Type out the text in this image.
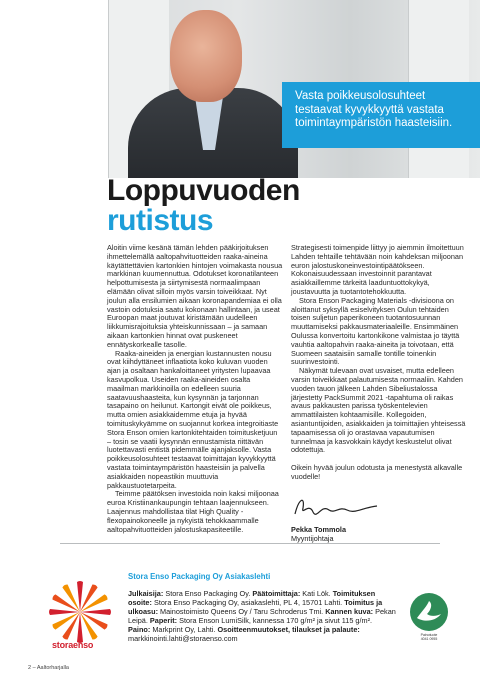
Vasta poikkeusolosuhteet testaavat kyvykkyyttä vastata toimintaympäristön haasteisiin.
Loppuvuoden
rutistus

Aloitin viime kesänä tämän lehden pääkirjoituksen ihmettelemällä aaltopahvituotteiden raaka-aineina käytättettävien kartonkien hintojen voimakasta nousua markkinan kuumennuttua. Odotukset koronatilanteen helpottumisesta ja siirtymisestä normaalimpaan elämään olivat silloin myös varsin toiveikkaat. Nyt joulun alla ensilumien aikaan koronapandemiaa ei olla vastoin odotuksia saatu kokonaan hallintaan, ja useat Euroopan maat joutuvat kiristämään uudelleen liikkumisrajoituksia yhteiskunnissaan – ja samaan aikaan kartonkien hinnat ovat puskeneet ennätyskorkealle tasolle.

Raaka-aineiden ja energian kustannusten nousu ovat kiihdyttäneet inflaatiota koko kuluvan vuoden ajan ja osaltaan hankaloittaneet yritysten lupaavaa kasvupolkua. Useiden raaka-aineiden osalta maailman markkinoilla on edelleen suuria saatavuushaasteita, kun kysynnän ja tarjonnan tasapaino on heilunut. Kartongit eivät ole poikkeus, mutta omien asiakkaidemme etuja ja hyvää toimituskykyämme on suojannut korkea integroitiaste Stora Enson omien kartonkitehtaiden toimitusketjuun – tosin se vaatii kysynnän ennustamista riittävän luotettavasti entistä pidemmälle ajanjaksolle. Vasta poikkeusolosuhteet testaavat toimittajan kyvykkyyttä vastata toimintaympäristön haasteisiin ja palvella asiakkaiden nopeastikin muuttuvia pakkaustuotetarpeita.

Teimme päätöksen investoida noin kaksi miljoonaa euroa Kristiinankaupungin tehtaan laajennukseen. Laajennus mahdollistaa tilat High Quality -flexopainokoneelle ja nykyistä tehokkaammalle aaltopahvituotteiden jalostuskapasiteetille.

Strategisesti toimenpide liittyy jo aiemmin ilmoitettuun Lahden tehtaille tehtävään noin kahdeksan miljoonan euron jalostuskoneinvestointipäätökseen. Kokonaisuudessaan investoinnit parantavat asiakkaillemme tärkeitä laaduntuottokykyä, joustavuutta ja tuotantotehokkuutta.

Stora Enson Packaging Materials -divisioona on aloittanut syksyllä esiselvityksen Oulun tehtaiden toisen suljetun paperikoneen tuotantosuunnan muuttamiseksi pakkausmateriaaleille. Ensimmäinen Oulussa konvertoitu kartonkikone valmistaa jo täyttä vauhtia aaltopahvin raaka-aineita ja toivotaan, että Suomeen saataisiin samalle tontille toinenkin suurinvestointi.

Näkymät tulevaan ovat usvaiset, mutta edelleen varsin toiveikkaat palautumisesta normaaliin. Kahden vuoden tauon jälkeen Lahden Sibeliustalossa järjestetty PackSummit 2021 -tapahtuma oli raikas avaus pakkausten parissa työskentelevien ammattilaisten kohtaamisille. Kollegoiden, asiantuntijoiden, asiakkaiden ja toimittajien yhteisessä tapaamisessa oli jo orastavaa vapautumisen tunnelmaa ja kasvokkain käydyt keskustelut olivat odotettuja.

Oikein hyvää joulun odotusta ja menestystä alkavalle vuodelle!

Pekka Tommola
Myyntijohtaja
storaenso
Stora Enso Packaging Oy Asiakaslehti
Julkaisija: Stora Enso Packaging Oy. Päätoimittaja: Kati Lök. Toimituksen osoite: Stora Enso Packaging Oy, asiakaslehti, PL 4, 15701 Lahti. Toimitus ja ulkoasu: Mainostoimisto Queens Oy / Taru Schroderus Tmi. Kannen kuva: Pekan Leipä. Paperit: Stora Enson LumiSilk, kannessa 170 g/m² ja sivut 115 g/m². Paino: Markprint Oy, Lahti. Osoitteenmuutokset, tilaukset ja palaute: markkinointi.lahti@storaenso.com	Painotuote
4041 0955
2 – Aaltorharjalla
